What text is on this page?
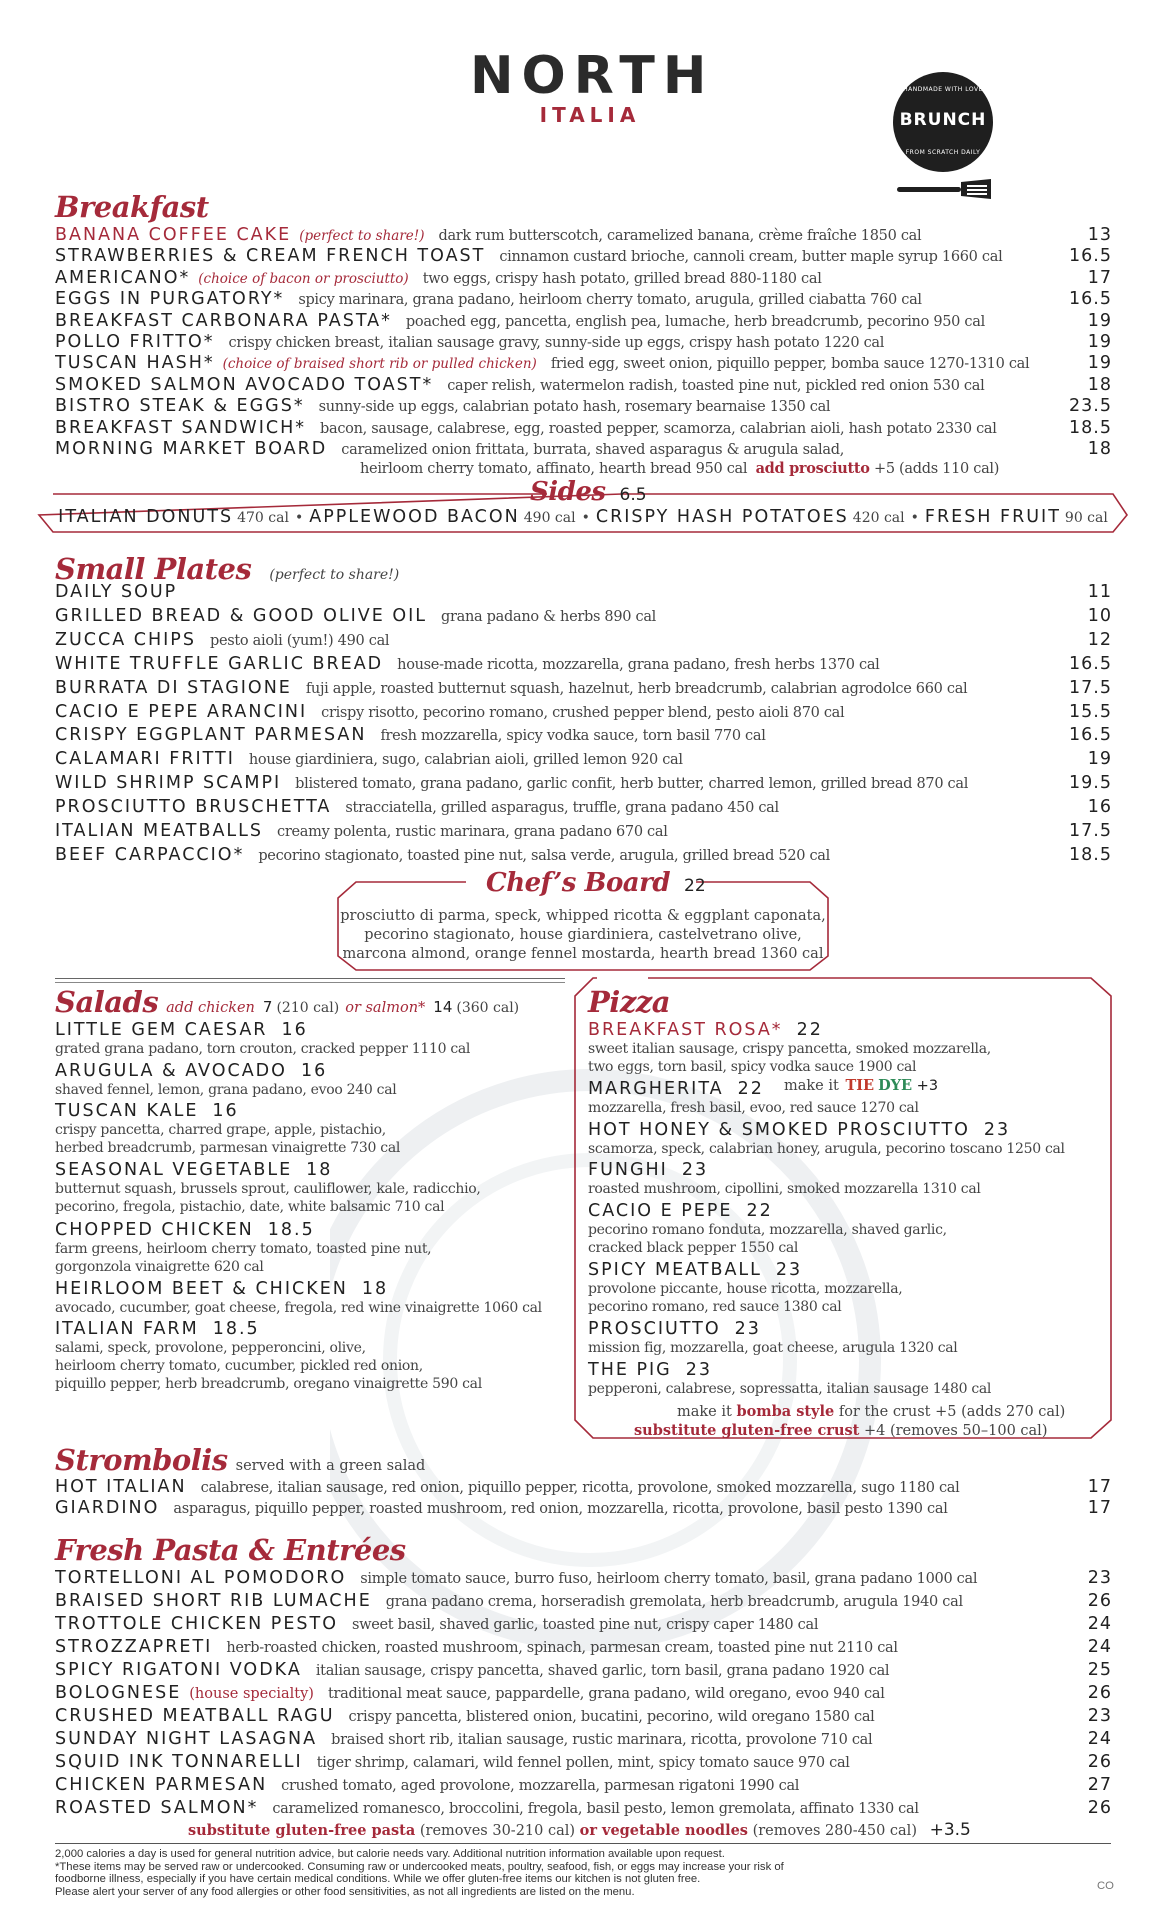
NORTH
ITALIA
HANDMADE WITH LOVE
BRUNCH
FROM SCRATCH DAILY
Breakfast
BANANA COFFEE CAKE (perfect to share!) dark rum butterscotch, caramelized banana, crème fraîche 1850 cal	13
STRAWBERRIES & CREAM FRENCH TOAST cinnamon custard brioche, cannoli cream, butter maple syrup 1660 cal	16.5
AMERICANO* (choice of bacon or prosciutto) two eggs, crispy hash potato, grilled bread 880-1180 cal	17
EGGS IN PURGATORY* spicy marinara, grana padano, heirloom cherry tomato, arugula, grilled ciabatta 760 cal	16.5
BREAKFAST CARBONARA PASTA* poached egg, pancetta, english pea, lumache, herb breadcrumb, pecorino 950 cal	19
POLLO FRITTO* crispy chicken breast, italian sausage gravy, sunny-side up eggs, crispy hash potato 1220 cal	19
TUSCAN HASH* (choice of braised short rib or pulled chicken) fried egg, sweet onion, piquillo pepper, bomba sauce 1270-1310 cal	19
SMOKED SALMON AVOCADO TOAST* caper relish, watermelon radish, toasted pine nut, pickled red onion 530 cal	18
BISTRO STEAK & EGGS* sunny-side up eggs, calabrian potato hash, rosemary bearnaise 1350 cal	23.5
BREAKFAST SANDWICH* bacon, sausage, calabrese, egg, roasted pepper, scamorza, calabrian aioli, hash potato 2330 cal	18.5
MORNING MARKET BOARD caramelized onion frittata, burrata, shaved asparagus & arugula salad,	18
heirloom cherry tomato, affinato, hearth bread 950 cal add prosciutto +5 (adds 110 cal)
Sides 6.5
ITALIAN DONUTS 470 cal • APPLEWOOD BACON 490 cal • CRISPY HASH POTATOES 420 cal • FRESH FRUIT 90 cal
Small Plates (perfect to share!)
DAILY SOUP	11
GRILLED BREAD & GOOD OLIVE OIL grana padano & herbs 890 cal	10
ZUCCA CHIPS pesto aioli (yum!) 490 cal	12
WHITE TRUFFLE GARLIC BREAD house-made ricotta, mozzarella, grana padano, fresh herbs 1370 cal	16.5
BURRATA DI STAGIONE fuji apple, roasted butternut squash, hazelnut, herb breadcrumb, calabrian agrodolce 660 cal	17.5
CACIO E PEPE ARANCINI crispy risotto, pecorino romano, crushed pepper blend, pesto aioli 870 cal	15.5
CRISPY EGGPLANT PARMESAN fresh mozzarella, spicy vodka sauce, torn basil 770 cal	16.5
CALAMARI FRITTI house giardiniera, sugo, calabrian aioli, grilled lemon 920 cal	19
WILD SHRIMP SCAMPI blistered tomato, grana padano, garlic confit, herb butter, charred lemon, grilled bread 870 cal	19.5
PROSCIUTTO BRUSCHETTA stracciatella, grilled asparagus, truffle, grana padano 450 cal	16
ITALIAN MEATBALLS creamy polenta, rustic marinara, grana padano 670 cal	17.5
BEEF CARPACCIO* pecorino stagionato, toasted pine nut, salsa verde, arugula, grilled bread 520 cal	18.5
Chef’s Board 22
prosciutto di parma, speck, whipped ricotta & eggplant caponata,
pecorino stagionato, house giardiniera, castelvetrano olive,
marcona almond, orange fennel mostarda, hearth bread 1360 cal
Salads add chicken 7 (210 cal) or salmon* 14 (360 cal)
LITTLE GEM CAESAR 16
grated grana padano, torn crouton, cracked pepper 1110 cal
ARUGULA & AVOCADO 16
shaved fennel, lemon, grana padano, evoo 240 cal
TUSCAN KALE 16
crispy pancetta, charred grape, apple, pistachio,
herbed breadcrumb, parmesan vinaigrette 730 cal
SEASONAL VEGETABLE 18
butternut squash, brussels sprout, cauliflower, kale, radicchio,
pecorino, fregola, pistachio, date, white balsamic 710 cal
CHOPPED CHICKEN 18.5
farm greens, heirloom cherry tomato, toasted pine nut,
gorgonzola vinaigrette 620 cal
HEIRLOOM BEET & CHICKEN 18
avocado, cucumber, goat cheese, fregola, red wine vinaigrette 1060 cal
ITALIAN FARM 18.5
salami, speck, provolone, pepperoncini, olive,
heirloom cherry tomato, cucumber, pickled red onion,
piquillo pepper, herb breadcrumb, oregano vinaigrette 590 cal
Pizza
BREAKFAST ROSA* 22
sweet italian sausage, crispy pancetta, smoked mozzarella,
two eggs, torn basil, spicy vodka sauce 1900 cal
MARGHERITA 22
mozzarella, fresh basil, evoo, red sauce 1270 cal
HOT HONEY & SMOKED PROSCIUTTO 23
scamorza, speck, calabrian honey, arugula, pecorino toscano 1250 cal
FUNGHI 23
roasted mushroom, cipollini, smoked mozzarella 1310 cal
CACIO E PEPE 22
pecorino romano fonduta, mozzarella, shaved garlic,
cracked black pepper 1550 cal
SPICY MEATBALL 23
provolone piccante, house ricotta, mozzarella,
pecorino romano, red sauce 1380 cal
PROSCIUTTO 23
mission fig, mozzarella, goat cheese, arugula 1320 cal
THE PIG 23
pepperoni, calabrese, sopressatta, italian sausage 1480 cal
make it TIE DYE +3
make it bomba style for the crust +5 (adds 270 cal)
substitute gluten-free crust +4 (removes 50–100 cal)
Strombolis served with a green salad
HOT ITALIAN calabrese, italian sausage, red onion, piquillo pepper, ricotta, provolone, smoked mozzarella, sugo 1180 cal	17
GIARDINO asparagus, piquillo pepper, roasted mushroom, red onion, mozzarella, ricotta, provolone, basil pesto 1390 cal	17
Fresh Pasta & Entrées
TORTELLONI AL POMODORO simple tomato sauce, burro fuso, heirloom cherry tomato, basil, grana padano 1000 cal	23
BRAISED SHORT RIB LUMACHE grana padano crema, horseradish gremolata, herb breadcrumb, arugula 1940 cal	26
TROTTOLE CHICKEN PESTO sweet basil, shaved garlic, toasted pine nut, crispy caper 1480 cal	24
STROZZAPRETI herb-roasted chicken, roasted mushroom, spinach, parmesan cream, toasted pine nut 2110 cal	24
SPICY RIGATONI VODKA italian sausage, crispy pancetta, shaved garlic, torn basil, grana padano 1920 cal	25
BOLOGNESE (house specialty) traditional meat sauce, pappardelle, grana padano, wild oregano, evoo 940 cal	26
CRUSHED MEATBALL RAGU crispy pancetta, blistered onion, bucatini, pecorino, wild oregano 1580 cal	23
SUNDAY NIGHT LASAGNA braised short rib, italian sausage, rustic marinara, ricotta, provolone 710 cal	24
SQUID INK TONNARELLI tiger shrimp, calamari, wild fennel pollen, mint, spicy tomato sauce 970 cal	26
CHICKEN PARMESAN crushed tomato, aged provolone, mozzarella, parmesan rigatoni 1990 cal	27
ROASTED SALMON* caramelized romanesco, broccolini, fregola, basil pesto, lemon gremolata, affinato 1330 cal	26
substitute gluten-free pasta (removes 30-210 cal) or vegetable noodles (removes 280-450 cal) +3.5
2,000 calories a day is used for general nutrition advice, but calorie needs vary. Additional nutrition information available upon request.
*These items may be served raw or undercooked. Consuming raw or undercooked meats, poultry, seafood, fish, or eggs may increase your risk of
foodborne illness, especially if you have certain medical conditions. While we offer gluten-free items our kitchen is not gluten free.
Please alert your server of any food allergies or other food sensitivities, as not all ingredients are listed on the menu.	CO
